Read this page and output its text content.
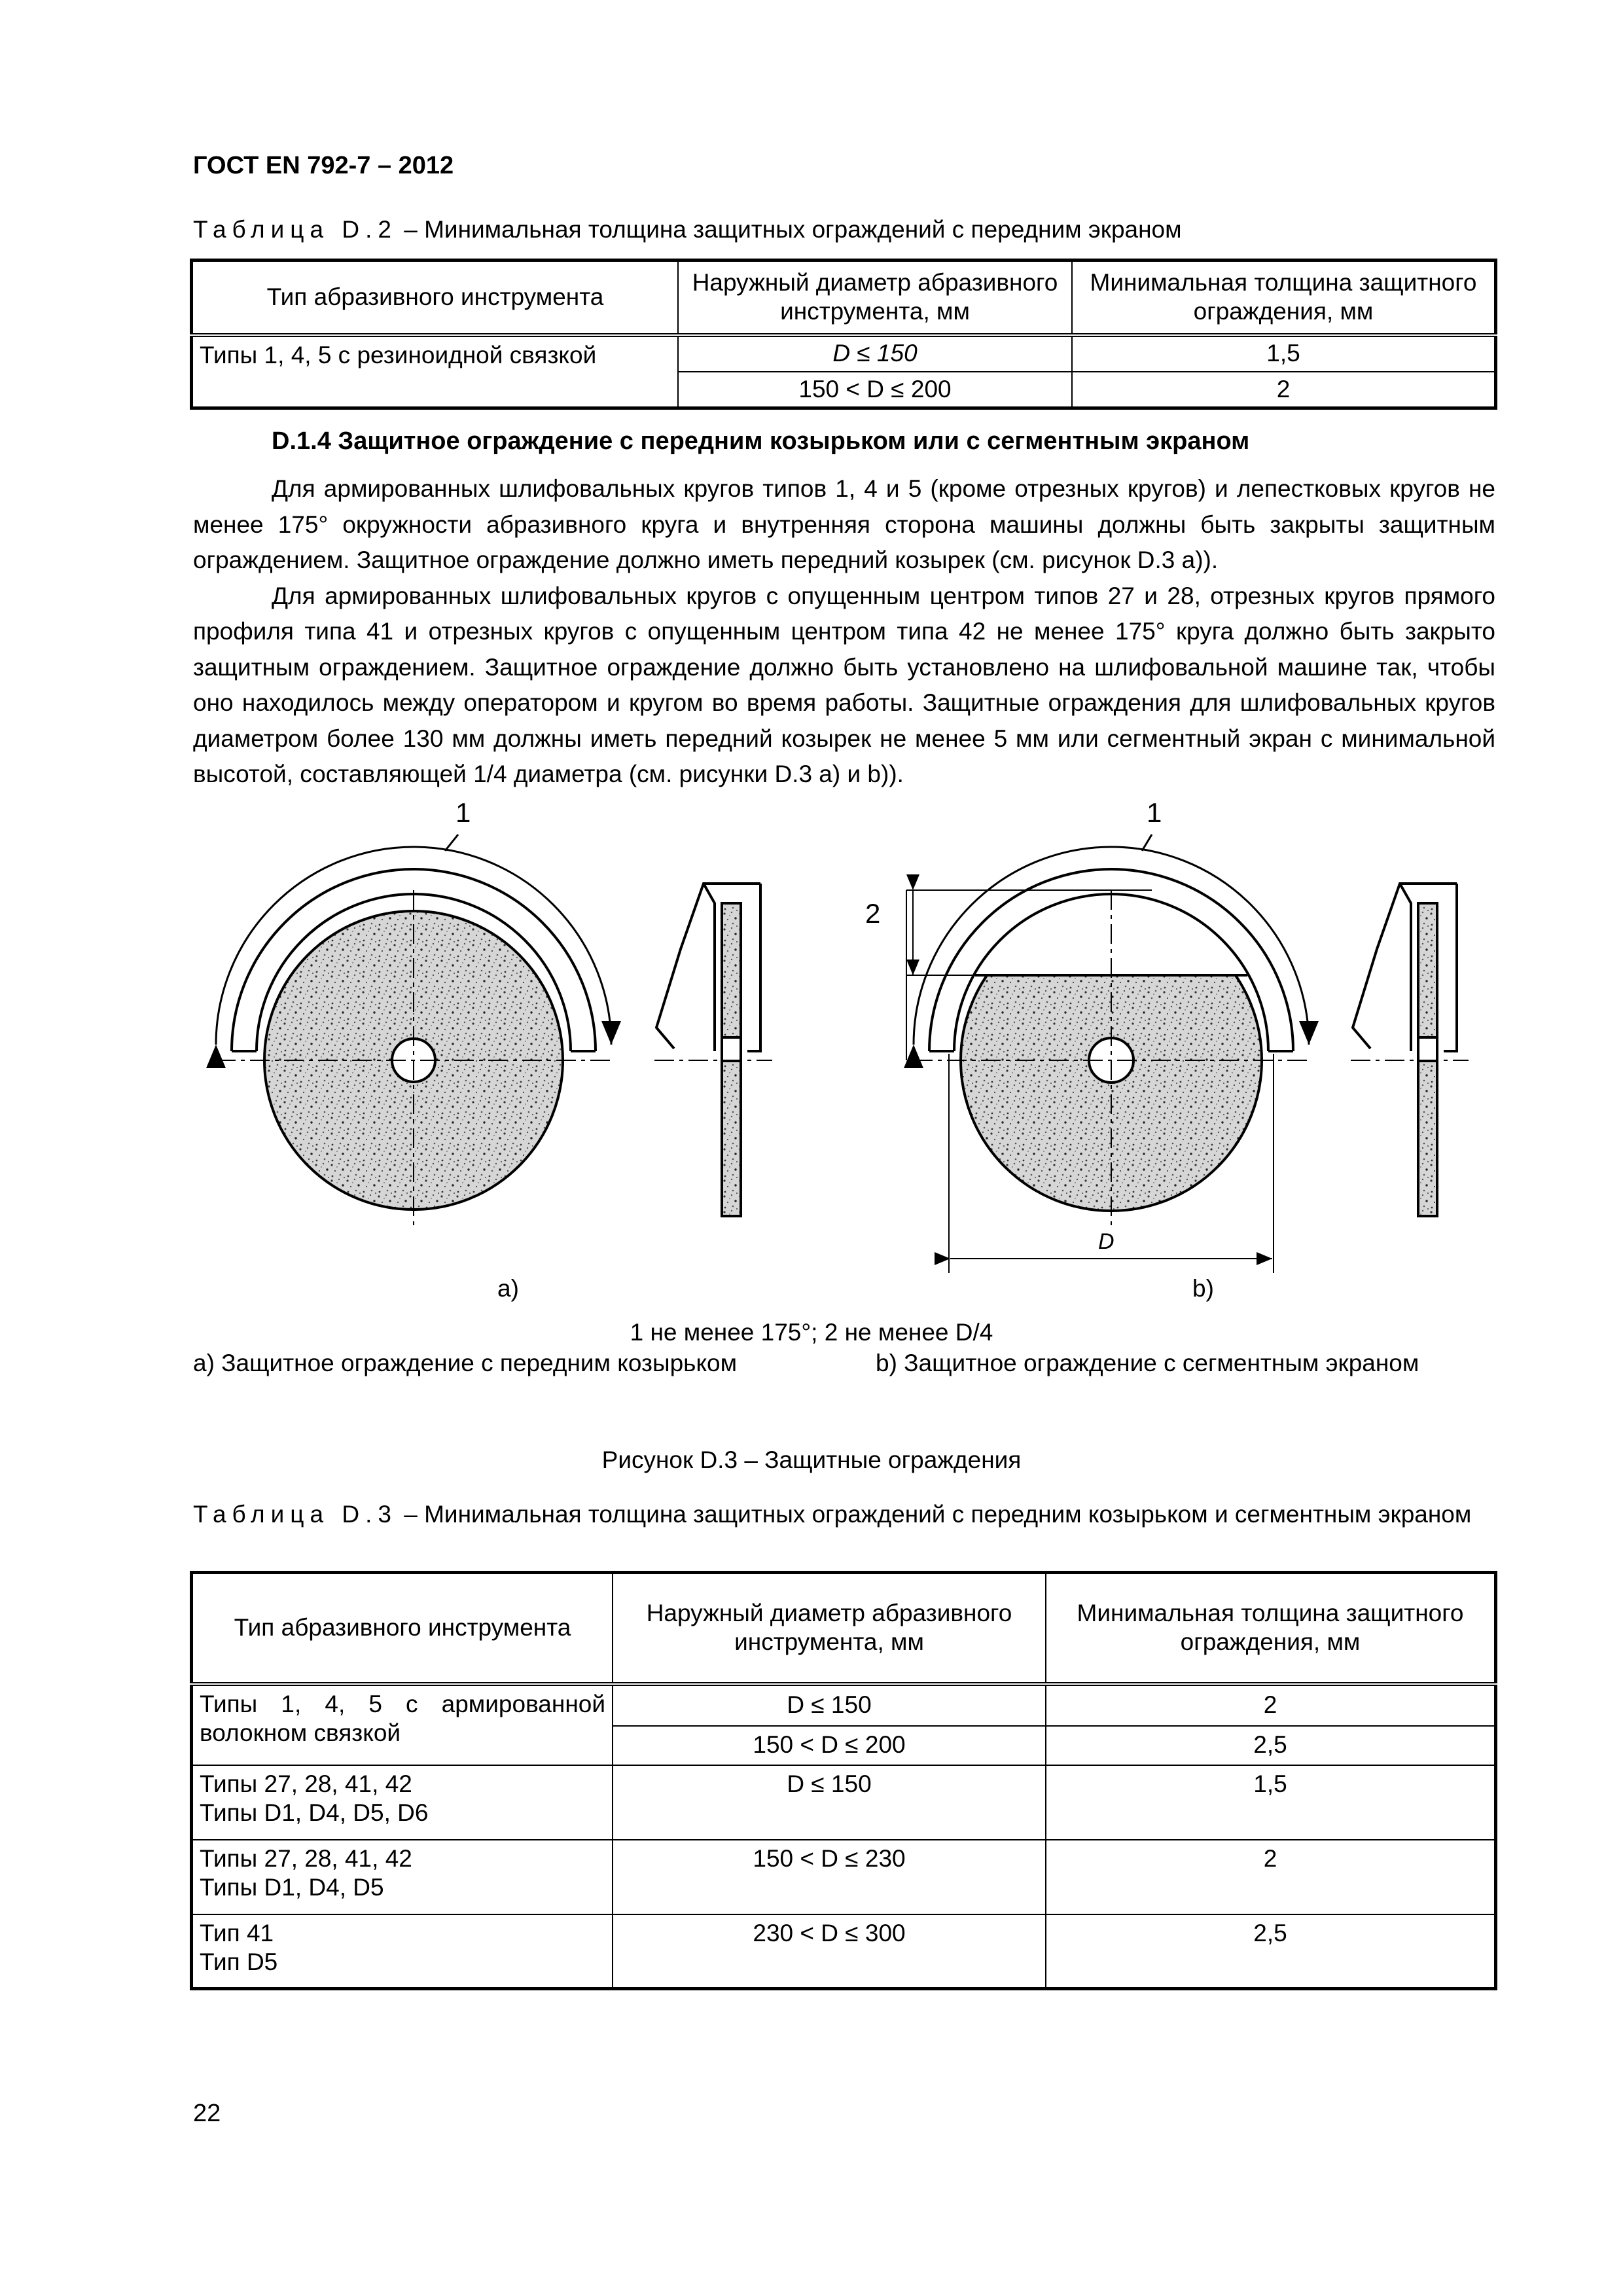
ГОСТ EN 792-7 – 2012
Таблица D.2 – Минимальная толщина защитных ограждений с передним экраном
Тип абразивного инструмента	Наружный диаметр абразивного инструмента, мм	Минимальная толщина защитного ограждения, мм
Типы 1, 4, 5 с резиноидной связкой	D ≤ 150	1,5
	150 < D ≤ 200	2
D.1.4 Защитное ограждение с передним козырьком или с сегментным экраном

Для армированных шлифовальных кругов типов 1, 4 и 5 (кроме отрезных кругов) и лепестковых кругов не менее 175° окружности абразивного круга и внутренняя сторона машины должны быть закрыты защитным ограждением. Защитное ограждение должно иметь передний козырек (см. рисунок D.3 a)).

Для армированных шлифовальных кругов с опущенным центром типов 27 и 28, отрезных кругов прямого профиля типа 41 и отрезных кругов с опущенным центром типа 42 не менее 175° круга должно быть закрыто защитным ограждением. Защитное ограждение должно быть установлено на шлифовальной машине так, чтобы оно находилось между оператором и кругом во время работы. Защитные ограждения для шлифовальных кругов диаметром более 130 мм должны иметь передний козырек не менее 5 мм или сегментный экран с минимальной высотой, составляющей 1/4 диаметра (см. рисунки D.3 a) и b)).

1	1
2
D
a)	b)
1 не менее 175°; 2 не менее D/4
a) Защитное ограждение с передним козырьком	b) Защитное ограждение с сегментным экраном
Рисунок D.3 – Защитные ограждения
Таблица D.3 – Минимальная толщина защитных ограждений с передним козырьком и сегментным экраном
Тип абразивного инструмента	Наружный диаметр абразивного инструмента, мм	Минимальная толщина защитного
ограждения, мм

Типы 1, 4, 5 с армированной волокном связкой	D ≤ 150	2
	150 < D ≤ 200	2,5

Типы 27, 28, 41, 42
Типы D1, D4, D5, D6	D ≤ 150	1,5

Типы 27, 28, 41, 42
Типы D1, D4, D5	150 < D ≤ 230	2

Тип 41
Тип D5	230 < D ≤ 300	2,5
22
